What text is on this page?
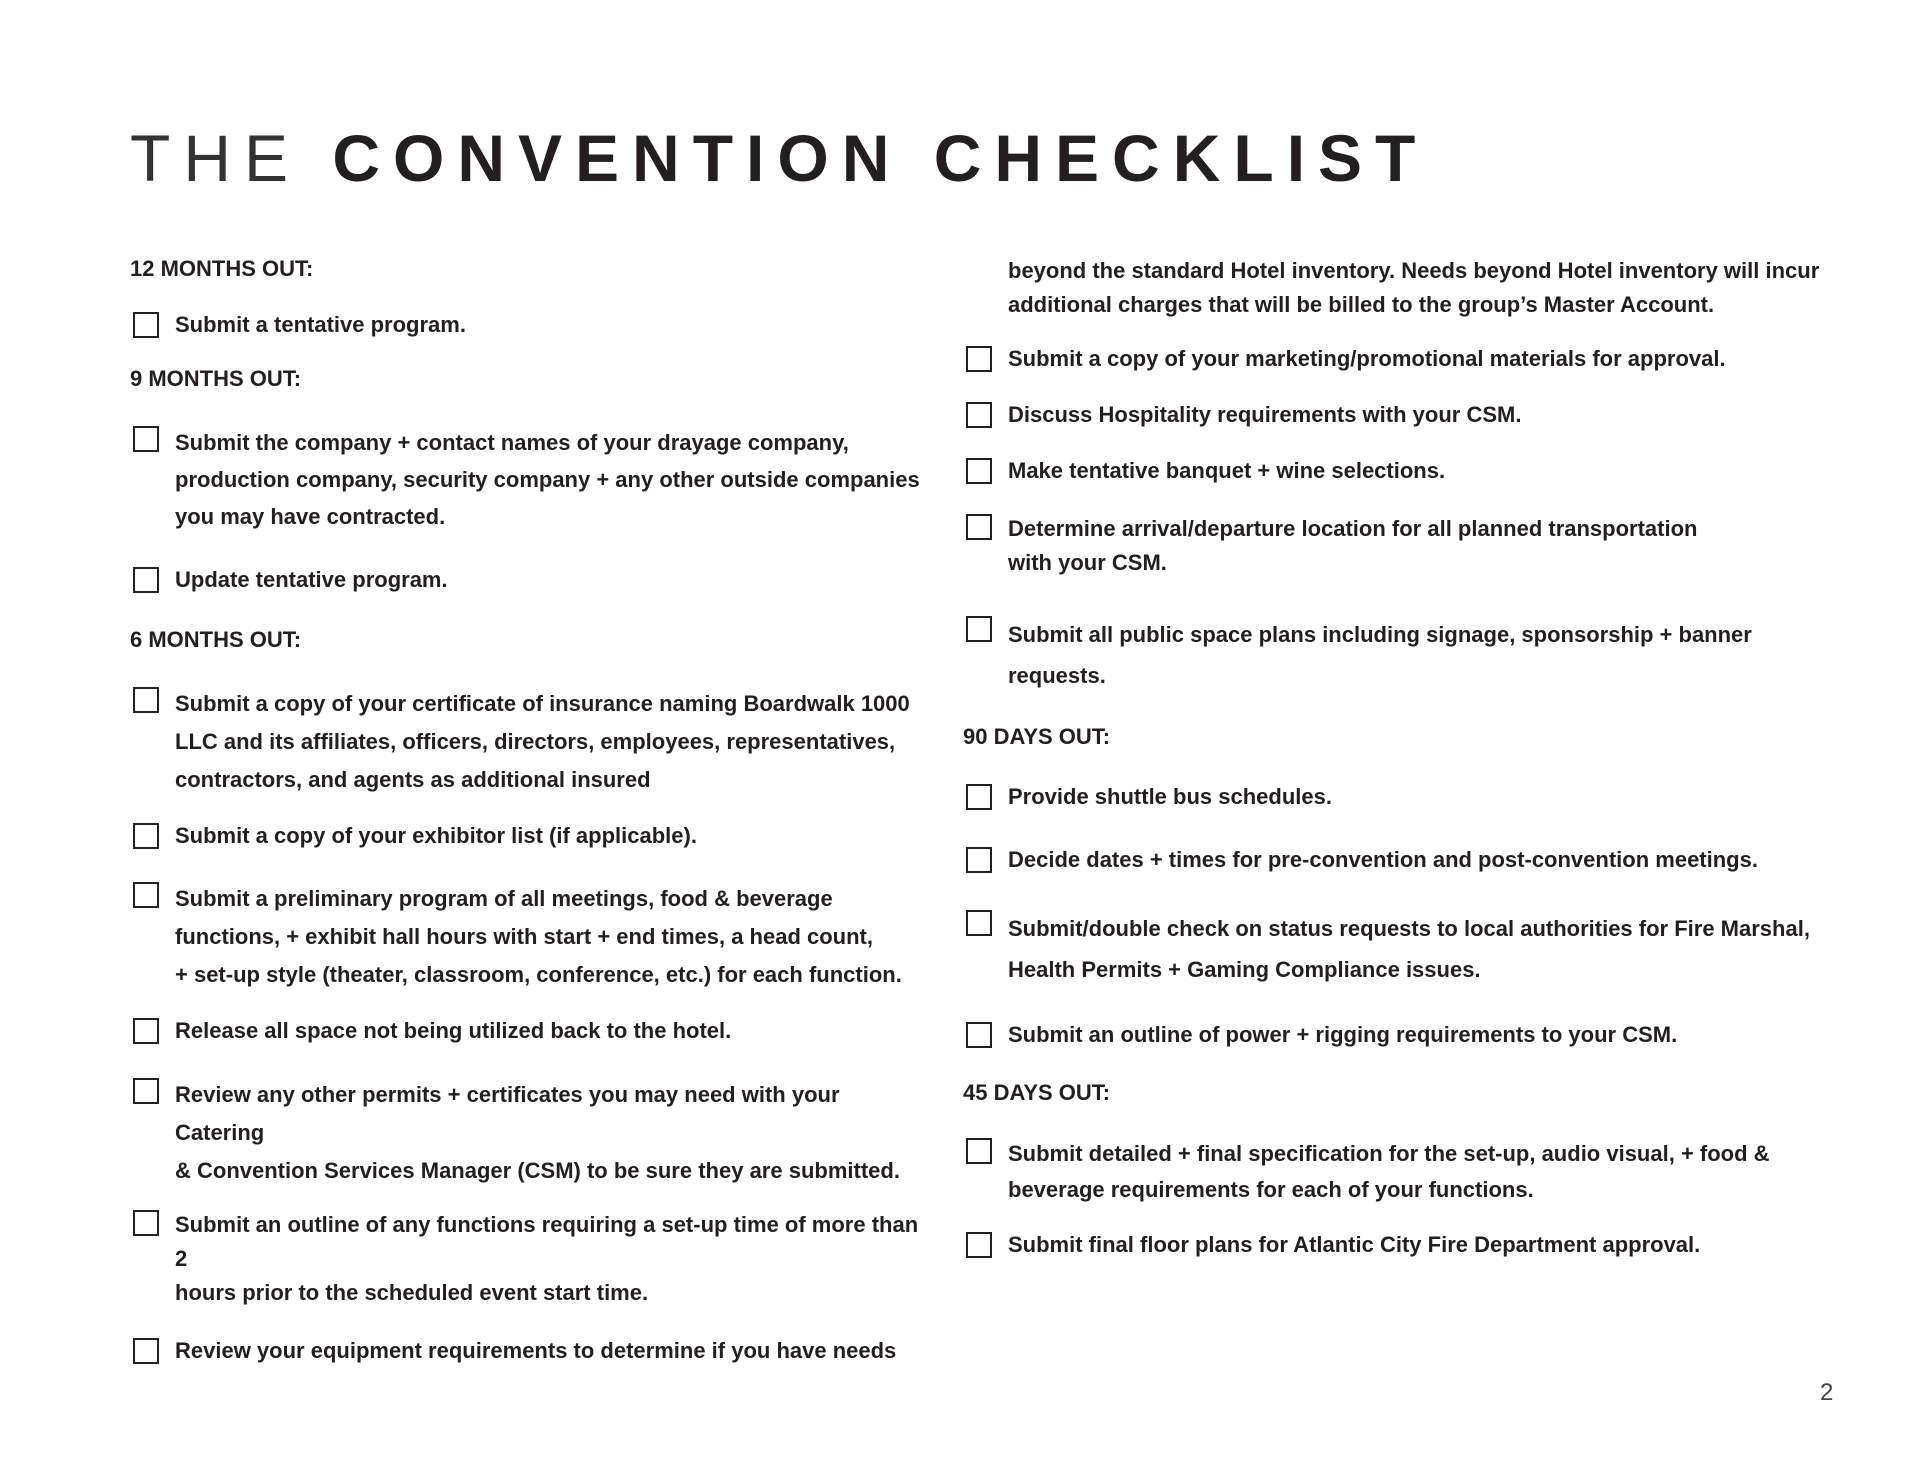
THE CONVENTION CHECKLIST
12 MONTHS OUT:
Submit a tentative program.
9 MONTHS OUT:
Submit the company + contact names of your drayage company,
production company, security company + any other outside companies
you may have contracted.
Update tentative program.
6 MONTHS OUT:
Submit a copy of your certificate of insurance naming Boardwalk 1000
LLC and its affiliates, officers, directors, employees, representatives,
contractors, and agents as additional insured
Submit a copy of your exhibitor list (if applicable).
Submit a preliminary program of all meetings, food & beverage
functions, + exhibit hall hours with start + end times, a head count,
+ set-up style (theater, classroom, conference, etc.) for each function.
Release all space not being utilized back to the hotel.
Review any other permits + certificates you may need with your Catering
& Convention Services Manager (CSM) to be sure they are submitted.
Submit an outline of any functions requiring a set-up time of more than 2
hours prior to the scheduled event start time.
Review your equipment requirements to determine if you have needs
beyond the standard Hotel inventory. Needs beyond Hotel inventory will incur
additional charges that will be billed to the group’s Master Account.
Submit a copy of your marketing/promotional materials for approval.
Discuss Hospitality requirements with your CSM.
Make tentative banquet + wine selections.
Determine arrival/departure location for all planned transportation
with your CSM.
Submit all public space plans including signage, sponsorship + banner
requests.
90 DAYS OUT:
Provide shuttle bus schedules.
Decide dates + times for pre-convention and post-convention meetings.
Submit/double check on status requests to local authorities for Fire Marshal,
Health Permits + Gaming Compliance issues.
Submit an outline of power + rigging requirements to your CSM.
45 DAYS OUT:
Submit detailed + final specification for the set-up, audio visual, + food &
beverage requirements for each of your functions.
Submit final floor plans for Atlantic City Fire Department approval.
2
